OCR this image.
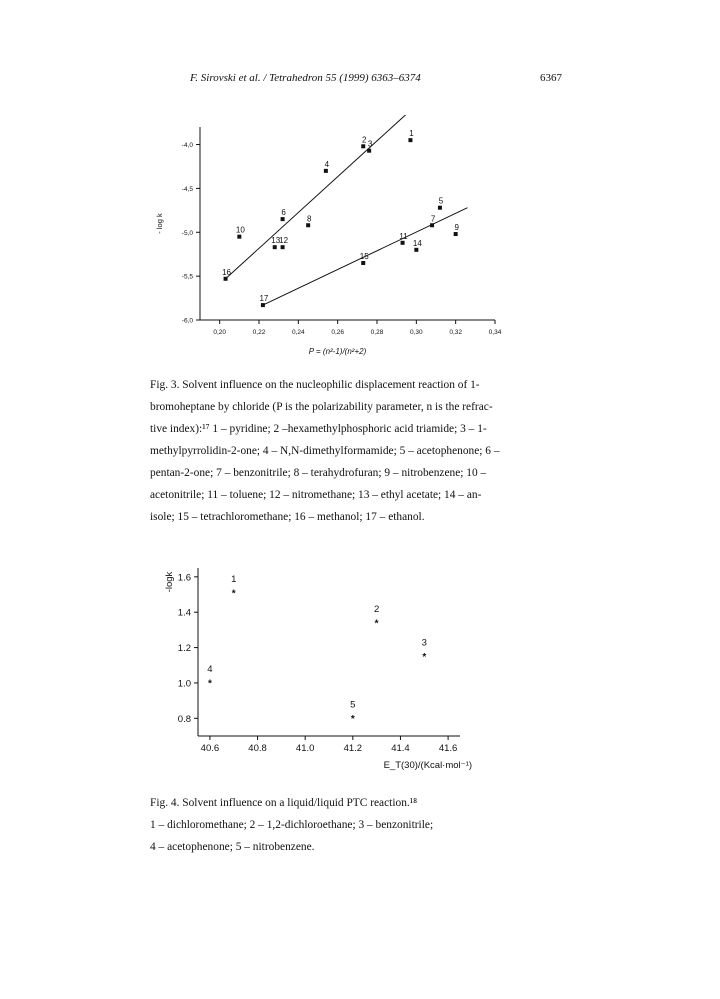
F. Sirovski et al. / Tetrahedron 55 (1999) 6363–6374	6367
0,20	0,22	0,24	0,26	0,28	0,30	0,32	0,34
-4,0
-4,5
-5,0
-5,5
-6,0
1
2 3
4
5
6
7
8
9
10
11
12
13	14
15
16
17
- log k
P = (n²-1)/(n²+2)
Fig. 3. Solvent influence on the nucleophilic displacement reaction of 1-
bromoheptane by chloride (P is the polarizability parameter, n is the refrac-
tive index):¹⁷ 1 – pyridine; 2 –hexamethylphosphoric acid triamide; 3 – 1-
methylpyrrolidin-2-one; 4 – N,N-dimethylformamide; 5 – acetophenone; 6 –
pentan-2-one; 7 – benzonitrile; 8 – terahydrofuran; 9 – nitrobenzene; 10 –
acetonitrile; 11 – toluene; 12 – nitromethane; 13 – ethyl acetate; 14 – an-
isole; 15 – tetrachloromethane; 16 – methanol; 17 – ethanol.
40.6	40.8	41.0	41.2	41.4	41.6
1.6
1.4
1.2
1.0
0.8
*
1
*
2
*
3
*
4
*
5
-logk
E_T(30)/(Kcal·mol⁻¹)
Fig. 4. Solvent influence on a liquid/liquid PTC reaction.¹⁸
1 – dichloromethane; 2 – 1,2-dichloroethane; 3 – benzonitrile;
4 – acetophenone; 5 – nitrobenzene.
